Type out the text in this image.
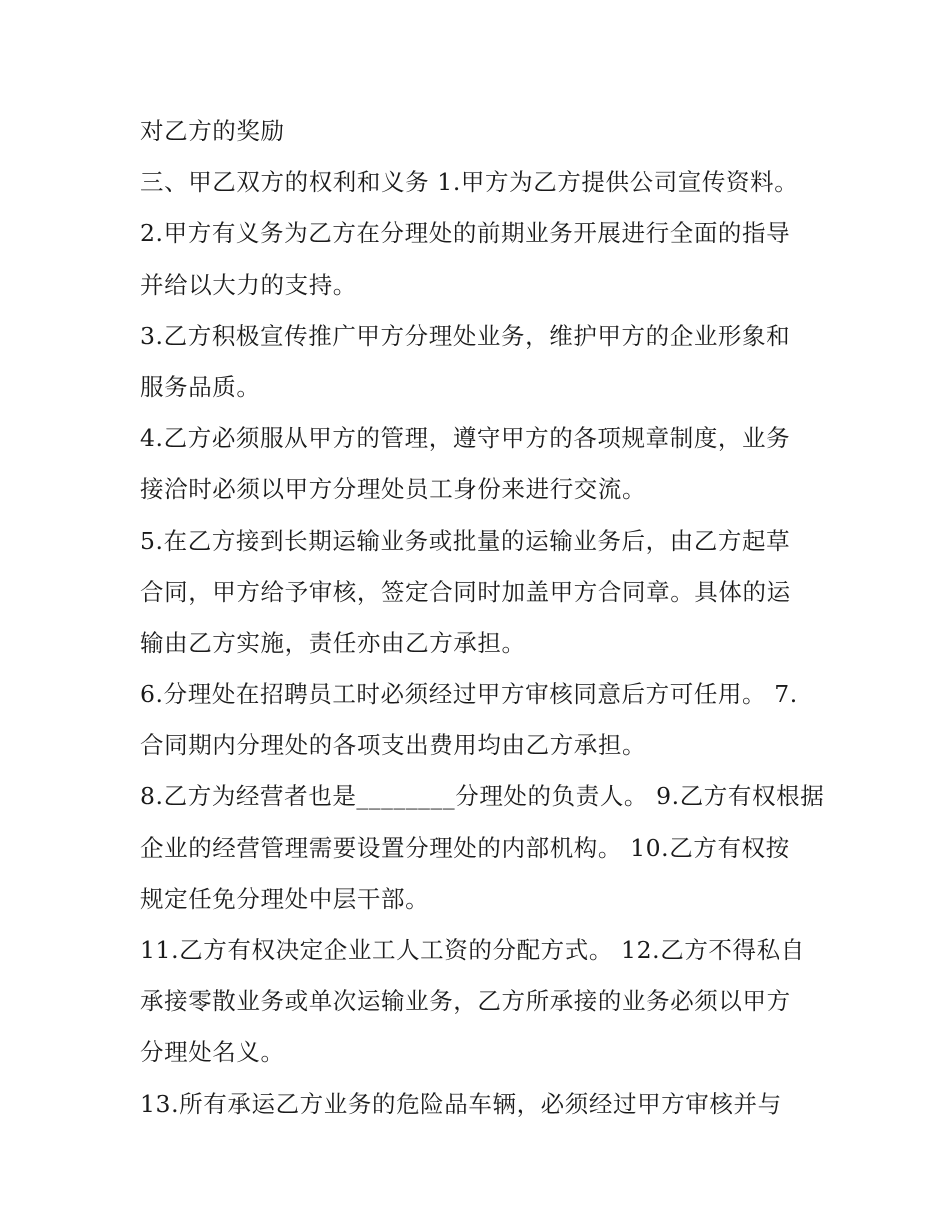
对乙方的奖励
三、甲乙双方的权利和义务 1.甲方为乙方提供公司宣传资料。
2.甲方有义务为乙方在分理处的前期业务开展进行全面的指导
并给以大力的支持。
3.乙方积极宣传推广甲方分理处业务，维护甲方的企业形象和
服务品质。
4.乙方必须服从甲方的管理，遵守甲方的各项规章制度，业务
接洽时必须以甲方分理处员工身份来进行交流。
5.在乙方接到长期运输业务或批量的运输业务后，由乙方起草
合同，甲方给予审核，签定合同时加盖甲方合同章。具体的运
输由乙方实施，责任亦由乙方承担。
6.分理处在招聘员工时必须经过甲方审核同意后方可任用。 7.
合同期内分理处的各项支出费用均由乙方承担。
8.乙方为经营者也是________分理处的负责人。 9.乙方有权根据
企业的经营管理需要设置分理处的内部机构。 10.乙方有权按
规定任免分理处中层干部。
11.乙方有权决定企业工人工资的分配方式。 12.乙方不得私自
承接零散业务或单次运输业务，乙方所承接的业务必须以甲方
分理处名义。
13.所有承运乙方业务的危险品车辆，必须经过甲方审核并与
